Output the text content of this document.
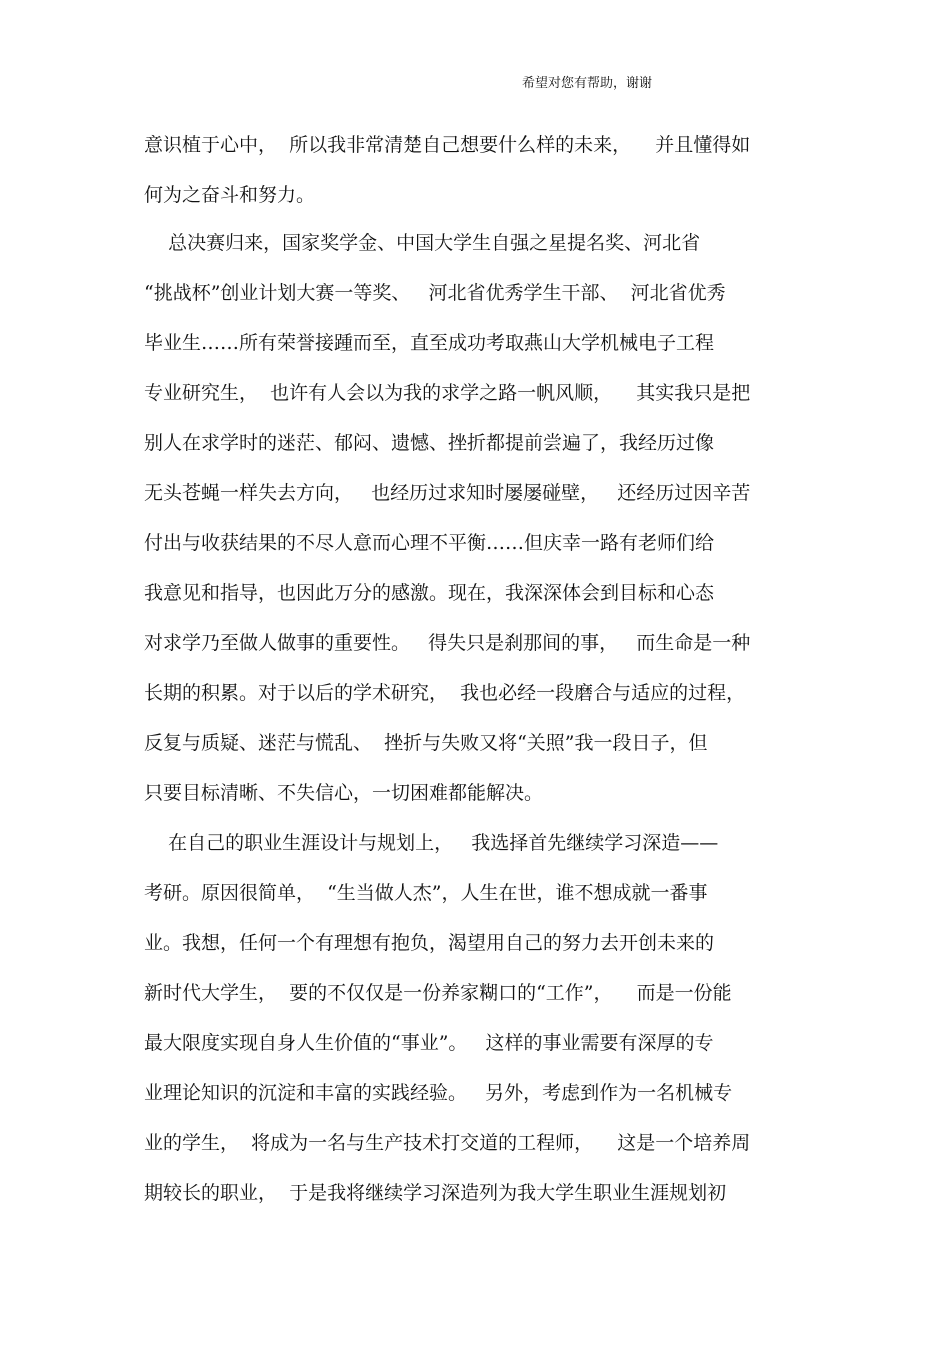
希望对您有帮助，谢谢
意识植于心中，  所以我非常清楚自己想要什么样的未来，    并且懂得如
何为之奋斗和努力。
总决赛归来，国家奖学金、中国大学生自强之星提名奖、河北省
“挑战杯”创业计划大赛一等奖、   河北省优秀学生干部、  河北省优秀
毕业生……所有荣誉接踵而至，直至成功考取燕山大学机械电子工程
专业研究生，  也许有人会以为我的求学之路一帆风顺，    其实我只是把
别人在求学时的迷茫、郁闷、遗憾、挫折都提前尝遍了，我经历过像
无头苍蝇一样失去方向，   也经历过求知时屡屡碰壁，   还经历过因辛苦
付出与收获结果的不尽人意而心理不平衡……但庆幸一路有老师们给
我意见和指导，也因此万分的感激。现在，我深深体会到目标和心态
对求学乃至做人做事的重要性。   得失只是刹那间的事，   而生命是一种
长期的积累。对于以后的学术研究，  我也必经一段磨合与适应的过程，
反复与质疑、迷茫与慌乱、  挫折与失败又将“关照”我一段日子，但
只要目标清晰、不失信心，一切困难都能解决。
在自己的职业生涯设计与规划上，   我选择首先继续学习深造——
考研。原因很简单，  “生当做人杰”，人生在世，谁不想成就一番事
业。我想，任何一个有理想有抱负，渴望用自己的努力去开创未来的
新时代大学生，  要的不仅仅是一份养家糊口的“工作”，    而是一份能
最大限度实现自身人生价值的“事业”。   这样的事业需要有深厚的专
业理论知识的沉淀和丰富的实践经验。   另外，考虑到作为一名机械专
业的学生，  将成为一名与生产技术打交道的工程师，    这是一个培养周
期较长的职业，  于是我将继续学习深造列为我大学生职业生涯规划初
